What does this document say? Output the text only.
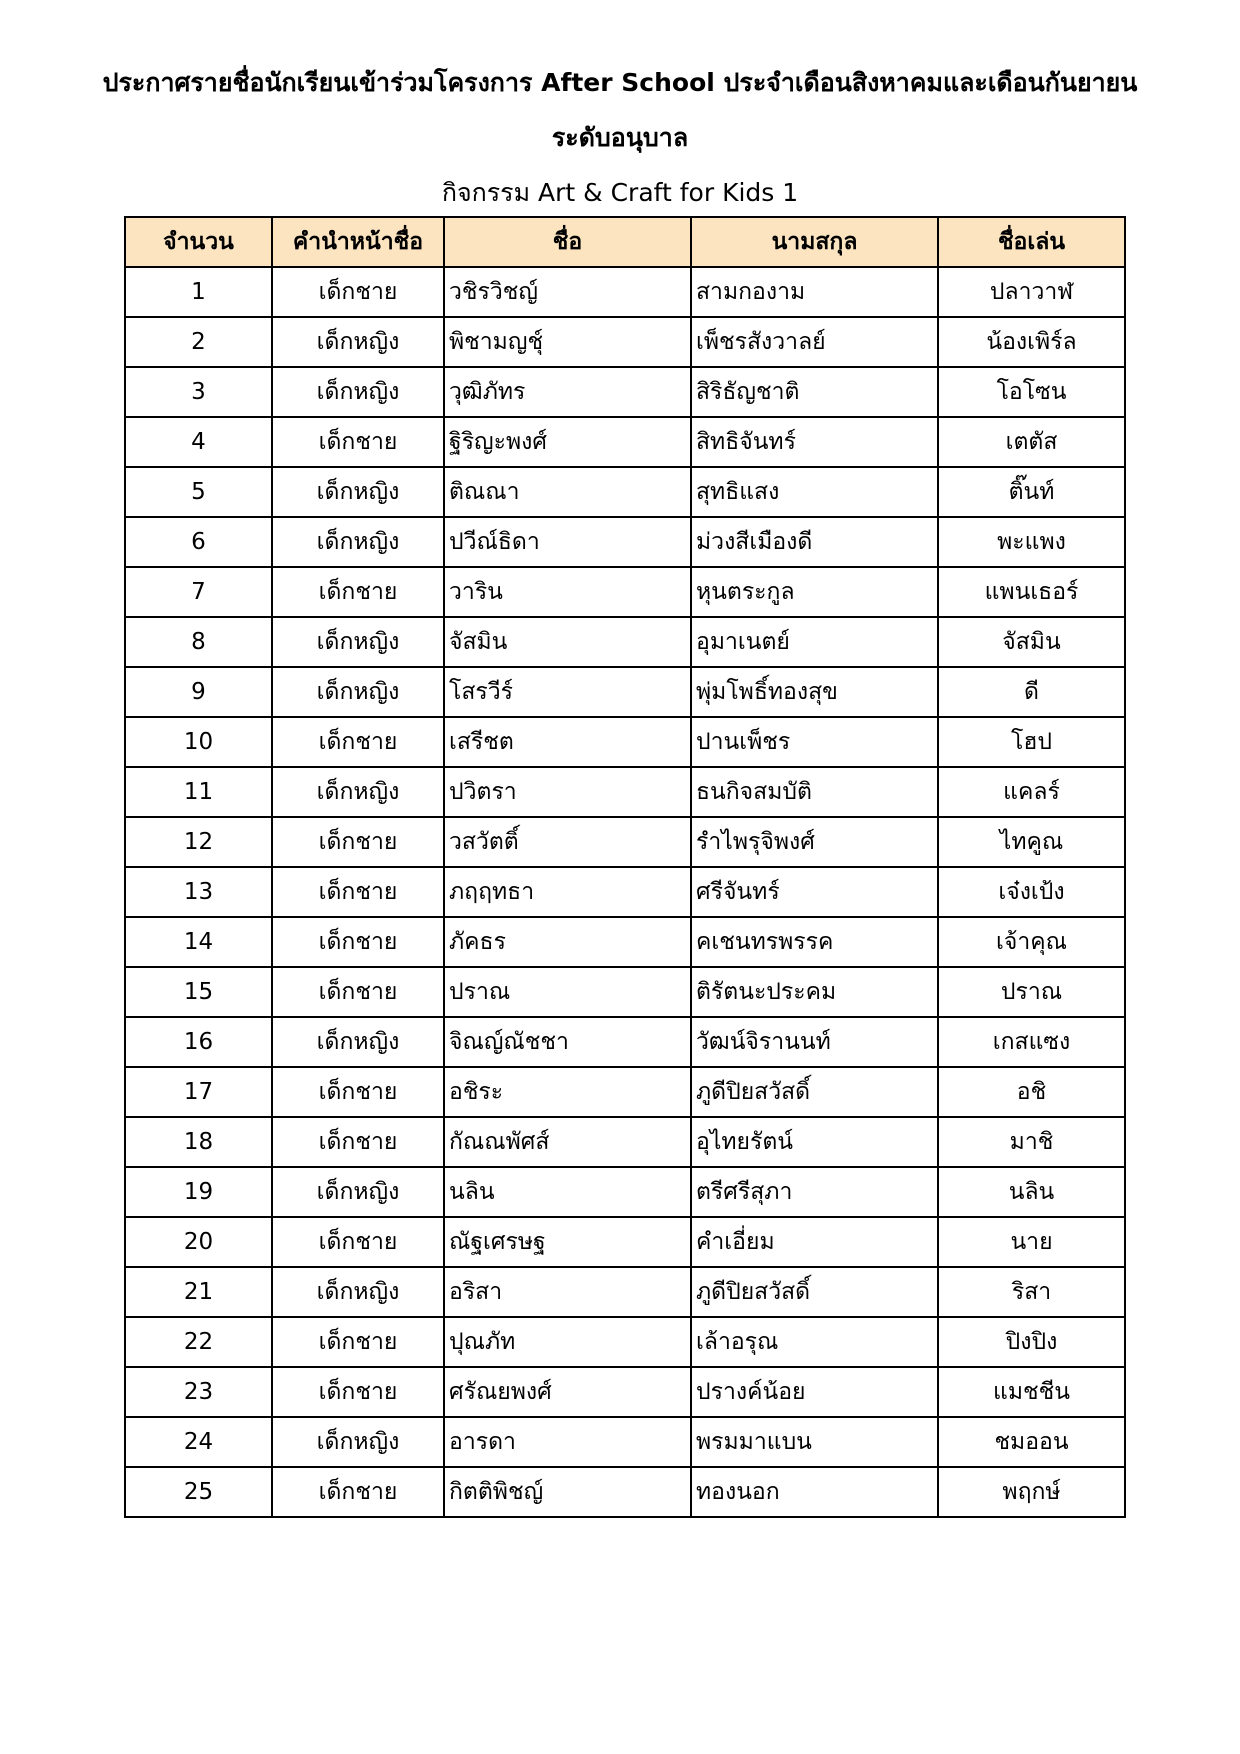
ประกาศรายชื่อนักเรียนเข้าร่วมโครงการ After School ประจำเดือนสิงหาคมและเดือนกันยายน
ระดับอนุบาล
กิจกรรม Art & Craft for Kids 1
จำนวน	คำนำหน้าชื่อ	ชื่อ	นามสกุล	ชื่อเล่น
1	เด็กชาย	วชิรวิชญ์	สามกองาม	ปลาวาฬ
2	เด็กหญิง	พิชามญชุ์	เพ็ชรสังวาลย์	น้องเพิร์ล
3	เด็กหญิง	วุฒิภัทร	สิริธัญชาติ	โอโซน
4	เด็กชาย	ฐิริญะพงศ์	สิทธิจันทร์	เตตัส
5	เด็กหญิง	ติณณา	สุทธิแสง	ติ๊นท์
6	เด็กหญิง	ปวีณ์ธิดา	ม่วงสีเมืองดี	พะแพง
7	เด็กชาย	วาริน	หุนตระกูล	แพนเธอร์
8	เด็กหญิง	จัสมิน	อุมาเนตย์	จัสมิน
9	เด็กหญิง	โสรวีร์	พุ่มโพธิ์ทองสุข	ดี
10	เด็กชาย	เสรีชต	ปานเพ็ชร	โฮป
11	เด็กหญิง	ปวิตรา	ธนกิจสมบัติ	แคลร์
12	เด็กชาย	วสวัตติ์	รำไพรุจิพงศ์	ไทคูณ
13	เด็กชาย	ภฤฤทธา	ศรีจันทร์	เจ๋งเป้ง
14	เด็กชาย	ภัคธร	คเชนทรพรรค	เจ้าคุณ
15	เด็กชาย	ปราณ	ติรัตนะประคม	ปราณ
16	เด็กหญิง	จิณญ์ณัชชา	วัฒน์จิรานนท์	เกสแซง
17	เด็กชาย	อชิระ	ภูดีปิยสวัสดิ์	อชิ
18	เด็กชาย	กัณณพัศส์	อุไทยรัตน์	มาชิ
19	เด็กหญิง	นลิน	ตรีศรีสุภา	นลิน
20	เด็กชาย	ณัฐเศรษฐ	คำเอี่ยม	นาย
21	เด็กหญิง	อริสา	ภูดีปิยสวัสดิ์	ริสา
22	เด็กชาย	ปุณภัท	เล้าอรุณ	ปิงปิง
23	เด็กชาย	ศรัณยพงศ์	ปรางค์น้อย	แมชชีน
24	เด็กหญิง	อารดา	พรมมาแบน	ชมออน
25	เด็กชาย	กิตติพิชญ์	ทองนอก	พฤกษ์
